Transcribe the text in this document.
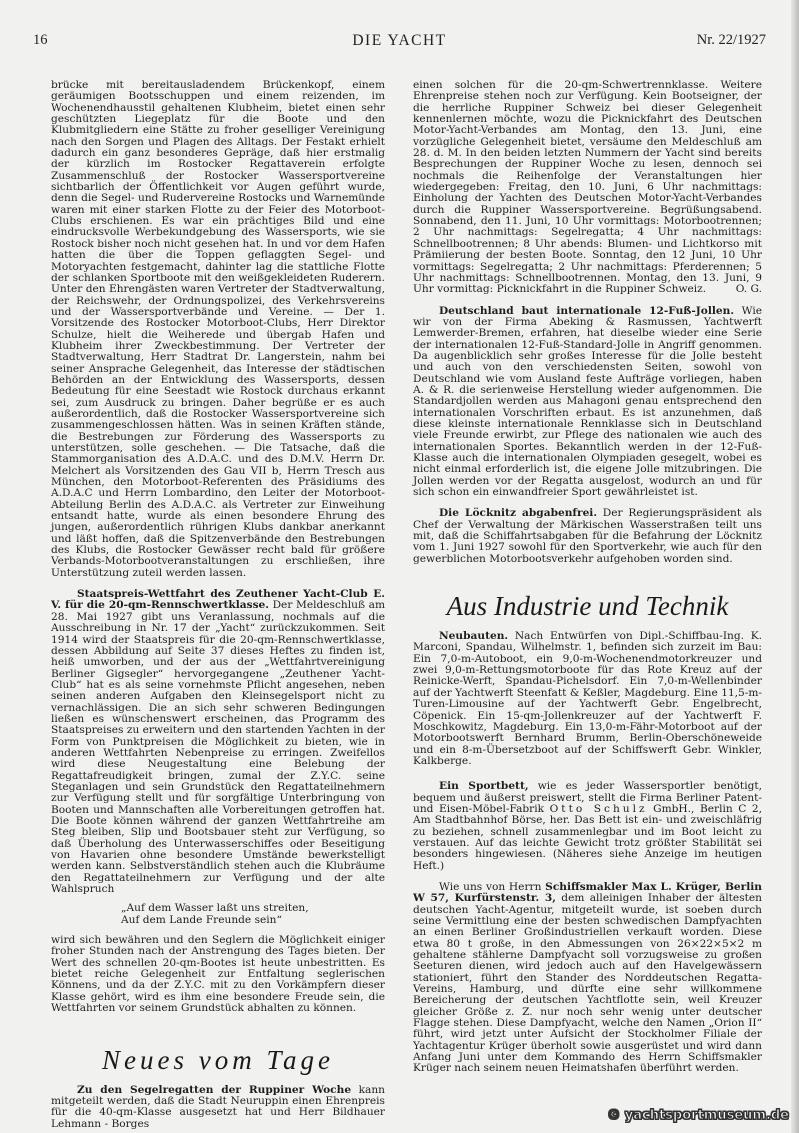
16	DIE YACHT	Nr. 22/1927

brücke mit bereitausladendem Brückenkopf, einem geräumigen Bootsschuppen und einem reizenden, im Wochenendhausstil gehaltenen Klubheim, bietet einen sehr geschützten Liegeplatz für die Boote und den Klubmitgliedern eine Stätte zu froher geselliger Vereinigung nach den Sorgen und Plagen des Alltags. Der Festakt erhielt dadurch ein ganz besonderes Gepräge, daß hier erstmalig der kürzlich im Rostocker Regattaverein erfolgte Zusammenschluß der Rostocker Wassersportvereine sichtbarlich der Öffentlichkeit vor Augen geführt wurde, denn die Segel- und Rudervereine Rostocks und Warnemünde waren mit einer starken Flotte zu der Feier des Motorboot-Clubs erschienen. Es war ein prächtiges Bild und eine eindrucksvolle Werbekundgebung des Wassersports, wie sie Rostock bisher noch nicht gesehen hat. In und vor dem Hafen hatten die über die Toppen geflaggten Segel- und Motoryachten festgemacht, dahinter lag die stattliche Flotte der schlanken Sportboote mit den weißgekleideten Ruderern. Unter den Ehrengästen waren Vertreter der Stadtverwaltung, der Reichswehr, der Ordnungspolizei, des Verkehrsvereins und der Wassersportverbände und Vereine. — Der 1. Vorsitzende des Rostocker Motorboot-Clubs, Herr Direktor Schulze, hielt die Weiherede und übergab Hafen und Klubheim ihrer Zweckbestimmung. Der Vertreter der Stadtverwaltung, Herr Stadtrat Dr. Langerstein, nahm bei seiner Ansprache Gelegenheit, das Interesse der städtischen Behörden an der Entwicklung des Wassersports, dessen Bedeutung für eine Seestadt wie Rostock durchaus erkannt sei, zum Ausdruck zu bringen. Daher begrüße er es auch außerordentlich, daß die Rostocker Wassersportvereine sich zusammengeschlossen hätten. Was in seinen Kräften stände, die Bestrebungen zur Förderung des Wassersports zu unterstützen, solle geschehen. — Die Tatsache, daß die Stammorganisation des A.D.A.C. und des D.M.V. Herrn Dr. Melchert als Vorsitzenden des Gau VII b, Herrn Tresch aus München, den Motorboot-Referenten des Präsidiums des A.D.A.C und Herrn Lombardino, den Leiter der Motorboot-Abteilung Berlin des A.D.A.C. als Vertreter zur Einweihung entsandt hatte, wurde als einen besondere Ehrung des jungen, außerordentlich rührigen Klubs dankbar anerkannt und läßt hoffen, daß die Spitzenverbände den Bestrebungen des Klubs, die Rostocker Gewässer recht bald für größere Verbands-Motorbootveranstaltungen zu erschließen, ihre Unterstützung zuteil werden lassen.

Staatspreis-Wettfahrt des Zeuthener Yacht-Club E. V. für die 20-qm-Rennschwertklasse. Der Meldeschluß am 28. Mai 1927 gibt uns Veranlassung, nochmals auf die Ausschreibung in Nr. 17 der „Yacht“ zurückzukommen. Seit 1914 wird der Staatspreis für die 20-qm-Rennschwertklasse, dessen Abbildung auf Seite 37 dieses Heftes zu finden ist, heiß umworben, und der aus der „Wettfahrtvereinigung Berliner Gigsegler“ hervorgegangene „Zeuthener Yacht-Club“ hat es als seine vornehmste Pflicht angesehen, neben seinen anderen Aufgaben den Kleinsegelsport nicht zu vernachlässigen. Die an sich sehr schweren Bedingungen ließen es wünschenswert erscheinen, das Programm des Staatspreises zu erweitern und den startenden Yachten in der Form von Punktpreisen die Möglichkeit zu bieten, wie in anderen Wettfahrten Nebenpreise zu erringen. Zweifellos wird diese Neugestaltung eine Belebung der Regattafreudigkeit bringen, zumal der Z.Y.C. seine Steganlagen und sein Grundstück den Regattateilnehmern zur Verfügung stellt und für sorgfältige Unterbringung von Booten und Mannschaften alle Vorbereitungen getroffen hat. Die Boote können während der ganzen Wettfahrtreihe am Steg bleiben, Slip und Bootsbauer steht zur Verfügung, so daß Überholung des Unterwasserschiffes oder Beseitigung von Havarien ohne besondere Umstände bewerkstelligt werden kann. Selbstverständlich stehen auch die Klubräume den Regattateilnehmern zur Verfügung und der alte Wahlspruch

„Auf dem Wasser laßt uns streiten,
Auf dem Lande Freunde sein“

wird sich bewähren und den Seglern die Möglichkeit einiger froher Stunden nach der Anstrengung des Tages bieten. Der Wert des schnellen 20-qm-Bootes ist heute unbestritten. Es bietet reiche Gelegenheit zur Entfaltung seglerischen Könnens, und da der Z.Y.C. mit zu den Vorkämpfern dieser Klasse gehört, wird es ihm eine besondere Freude sein, die Wettfahrten vor seinem Grundstück abhalten zu können.

Neues vom Tage

Zu den Segelregatten der Ruppiner Woche kann mitgeteilt werden, daß die Stadt Neuruppin einen Ehrenpreis für die 40-qm-Klasse ausgesetzt hat und Herr Bildhauer Lehmann - Borges

einen solchen für die 20-qm-Schwertrennklasse. Weitere Ehrenpreise stehen noch zur Verfügung. Kein Bootseigner, der die herrliche Ruppiner Schweiz bei dieser Gelegenheit kennenlernen möchte, wozu die Picknickfahrt des Deutschen Motor-Yacht-Verbandes am Montag, den 13. Juni, eine vorzügliche Gelegenheit bietet, versäume den Meldeschluß am 28. d. M. In den beiden letzten Nummern der Yacht sind bereits Besprechungen der Ruppiner Woche zu lesen, dennoch sei nochmals die Reihenfolge der Veranstaltungen hier wiedergegeben: Freitag, den 10. Juni, 6 Uhr nachmittags: Einholung der Yachten des Deutschen Motor-Yacht-Verbandes durch die Ruppiner Wassersportvereine. Begrüßungsabend. Sonnabend, den 11. Juni, 10 Uhr vormittags: Motorbootrennen; 2 Uhr nachmittags: Segelregatta; 4 Uhr nachmittags: Schnellbootrennen; 8 Uhr abends: Blumen- und Lichtkorso mit Prämiierung der besten Boote. Sonntag, den 12 Juni, 10 Uhr vormittags: Segelregatta; 2 Uhr nachmittags: Pferderennen; 5 Uhr nachmittags: Schnellbootrennen. Montag, den 13. Juni, 9 Uhr vormittag: Picknickfahrt in die Ruppiner Schweiz.	O. G.

Deutschland baut internationale 12-Fuß-Jollen. Wie wir von der Firma Abeking & Rasmussen, Yachtwerft Lemwerder-Bremen, erfahren, hat dieselbe wieder eine Serie der internationalen 12-Fuß-Standard-Jolle in Angriff genommen. Da augenblicklich sehr großes Interesse für die Jolle besteht und auch von den verschiedensten Seiten, sowohl von Deutschland wie vom Ausland feste Aufträge vorliegen, haben A. & R. die serienweise Herstellung wieder aufgenommen. Die Standardjollen werden aus Mahagoni genau entsprechend den internationalen Vorschriften erbaut. Es ist anzunehmen, daß diese kleinste internationale Rennklasse sich in Deutschland viele Freunde erwirbt, zur Pflege des nationalen wie auch des internationalen Sportes. Bekanntlich werden in der 12-Fuß-Klasse auch die internationalen Olympiaden gesegelt, wobei es nicht einmal erforderlich ist, die eigene Jolle mitzubringen. Die Jollen werden vor der Regatta ausgelost, wodurch an und für sich schon ein einwandfreier Sport gewährleistet ist.

Die Löcknitz abgabenfrei. Der Regierungspräsident als Chef der Verwaltung der Märkischen Wasserstraßen teilt uns mit, daß die Schiffahrtsabgaben für die Befahrung der Löcknitz vom 1. Juni 1927 sowohl für den Sportverkehr, wie auch für den gewerblichen Motorbootsverkehr aufgehoben worden sind.

Aus Industrie und Technik

Neubauten. Nach Entwürfen von Dipl.-Schiffbau-Ing. K. Marconi, Spandau, Wilhelmstr. 1, befinden sich zurzeit im Bau: Ein 7,0-m-Autoboot, ein 9,0-m-Wochenendmotorkreuzer und zwei 9,0-m-Rettungsmotorboote für das Rote Kreuz auf der Reinicke-Werft, Spandau-Pichelsdorf. Ein 7,0-m-Wellenbinder auf der Yachtwerft Steenfatt & Keßler, Magdeburg. Eine 11,5-m-Turen-Limousine auf der Yachtwerft Gebr. Engelbrecht, Cöpenick. Ein 15-qm-Jollenkreuzer auf der Yachtwerft F. Moschkowitz, Magdeburg. Ein 13,0-m-Fähr-Motorboot auf der Motorbootswerft Bernhard Brumm, Berlin-Oberschöneweide und ein 8-m-Übersetzboot auf der Schiffswerft Gebr. Winkler, Kalkberge.

Ein Sportbett, wie es jeder Wassersportler benötigt, bequem und äußerst preiswert, stellt die Firma Berliner Patent- und Eisen-Möbel-Fabrik Otto Schulz GmbH., Berlin C 2, Am Stadtbahnhof Börse, her. Das Bett ist ein- und zweischläfrig zu beziehen, schnell zusammenlegbar und im Boot leicht zu verstauen. Auf das leichte Gewicht trotz größter Stabilität sei besonders hingewiesen. (Näheres siehe Anzeige im heutigen Heft.)

Wie uns von Herrn Schiffsmakler Max L. Krüger, Berlin W 57, Kurfürstenstr. 3, dem alleinigen Inhaber der ältesten deutschen Yacht-Agentur, mitgeteilt wurde, ist soeben durch seine Vermittlung eine der besten schwedischen Dampfyachten an einen Berliner Großindustriellen verkauft worden. Diese etwa 80 t große, in den Abmessungen von 26×22×5×2 m gehaltene stählerne Dampfyacht soll vorzugsweise zu großen Seeturen dienen, wird jedoch auch auf den Havelgewässern stationiert, führt den Stander des Norddeutschen Regatta-Vereins, Hamburg, und dürfte eine sehr willkommene Bereicherung der deutschen Yachtflotte sein, weil Kreuzer gleicher Größe z. Z. nur noch sehr wenig unter deutscher Flagge stehen. Diese Dampfyacht, welche den Namen „Orion II“ führt, wird jetzt unter Aufsicht der Stockholmer Filiale der Yachtagentur Krüger überholt sowie ausgerüstet und wird dann Anfang Juni unter dem Kommando des Herrn Schiffsmakler Krüger nach seinem neuen Heimatshafen überführt werden.

© yachtsportmuseum.de
